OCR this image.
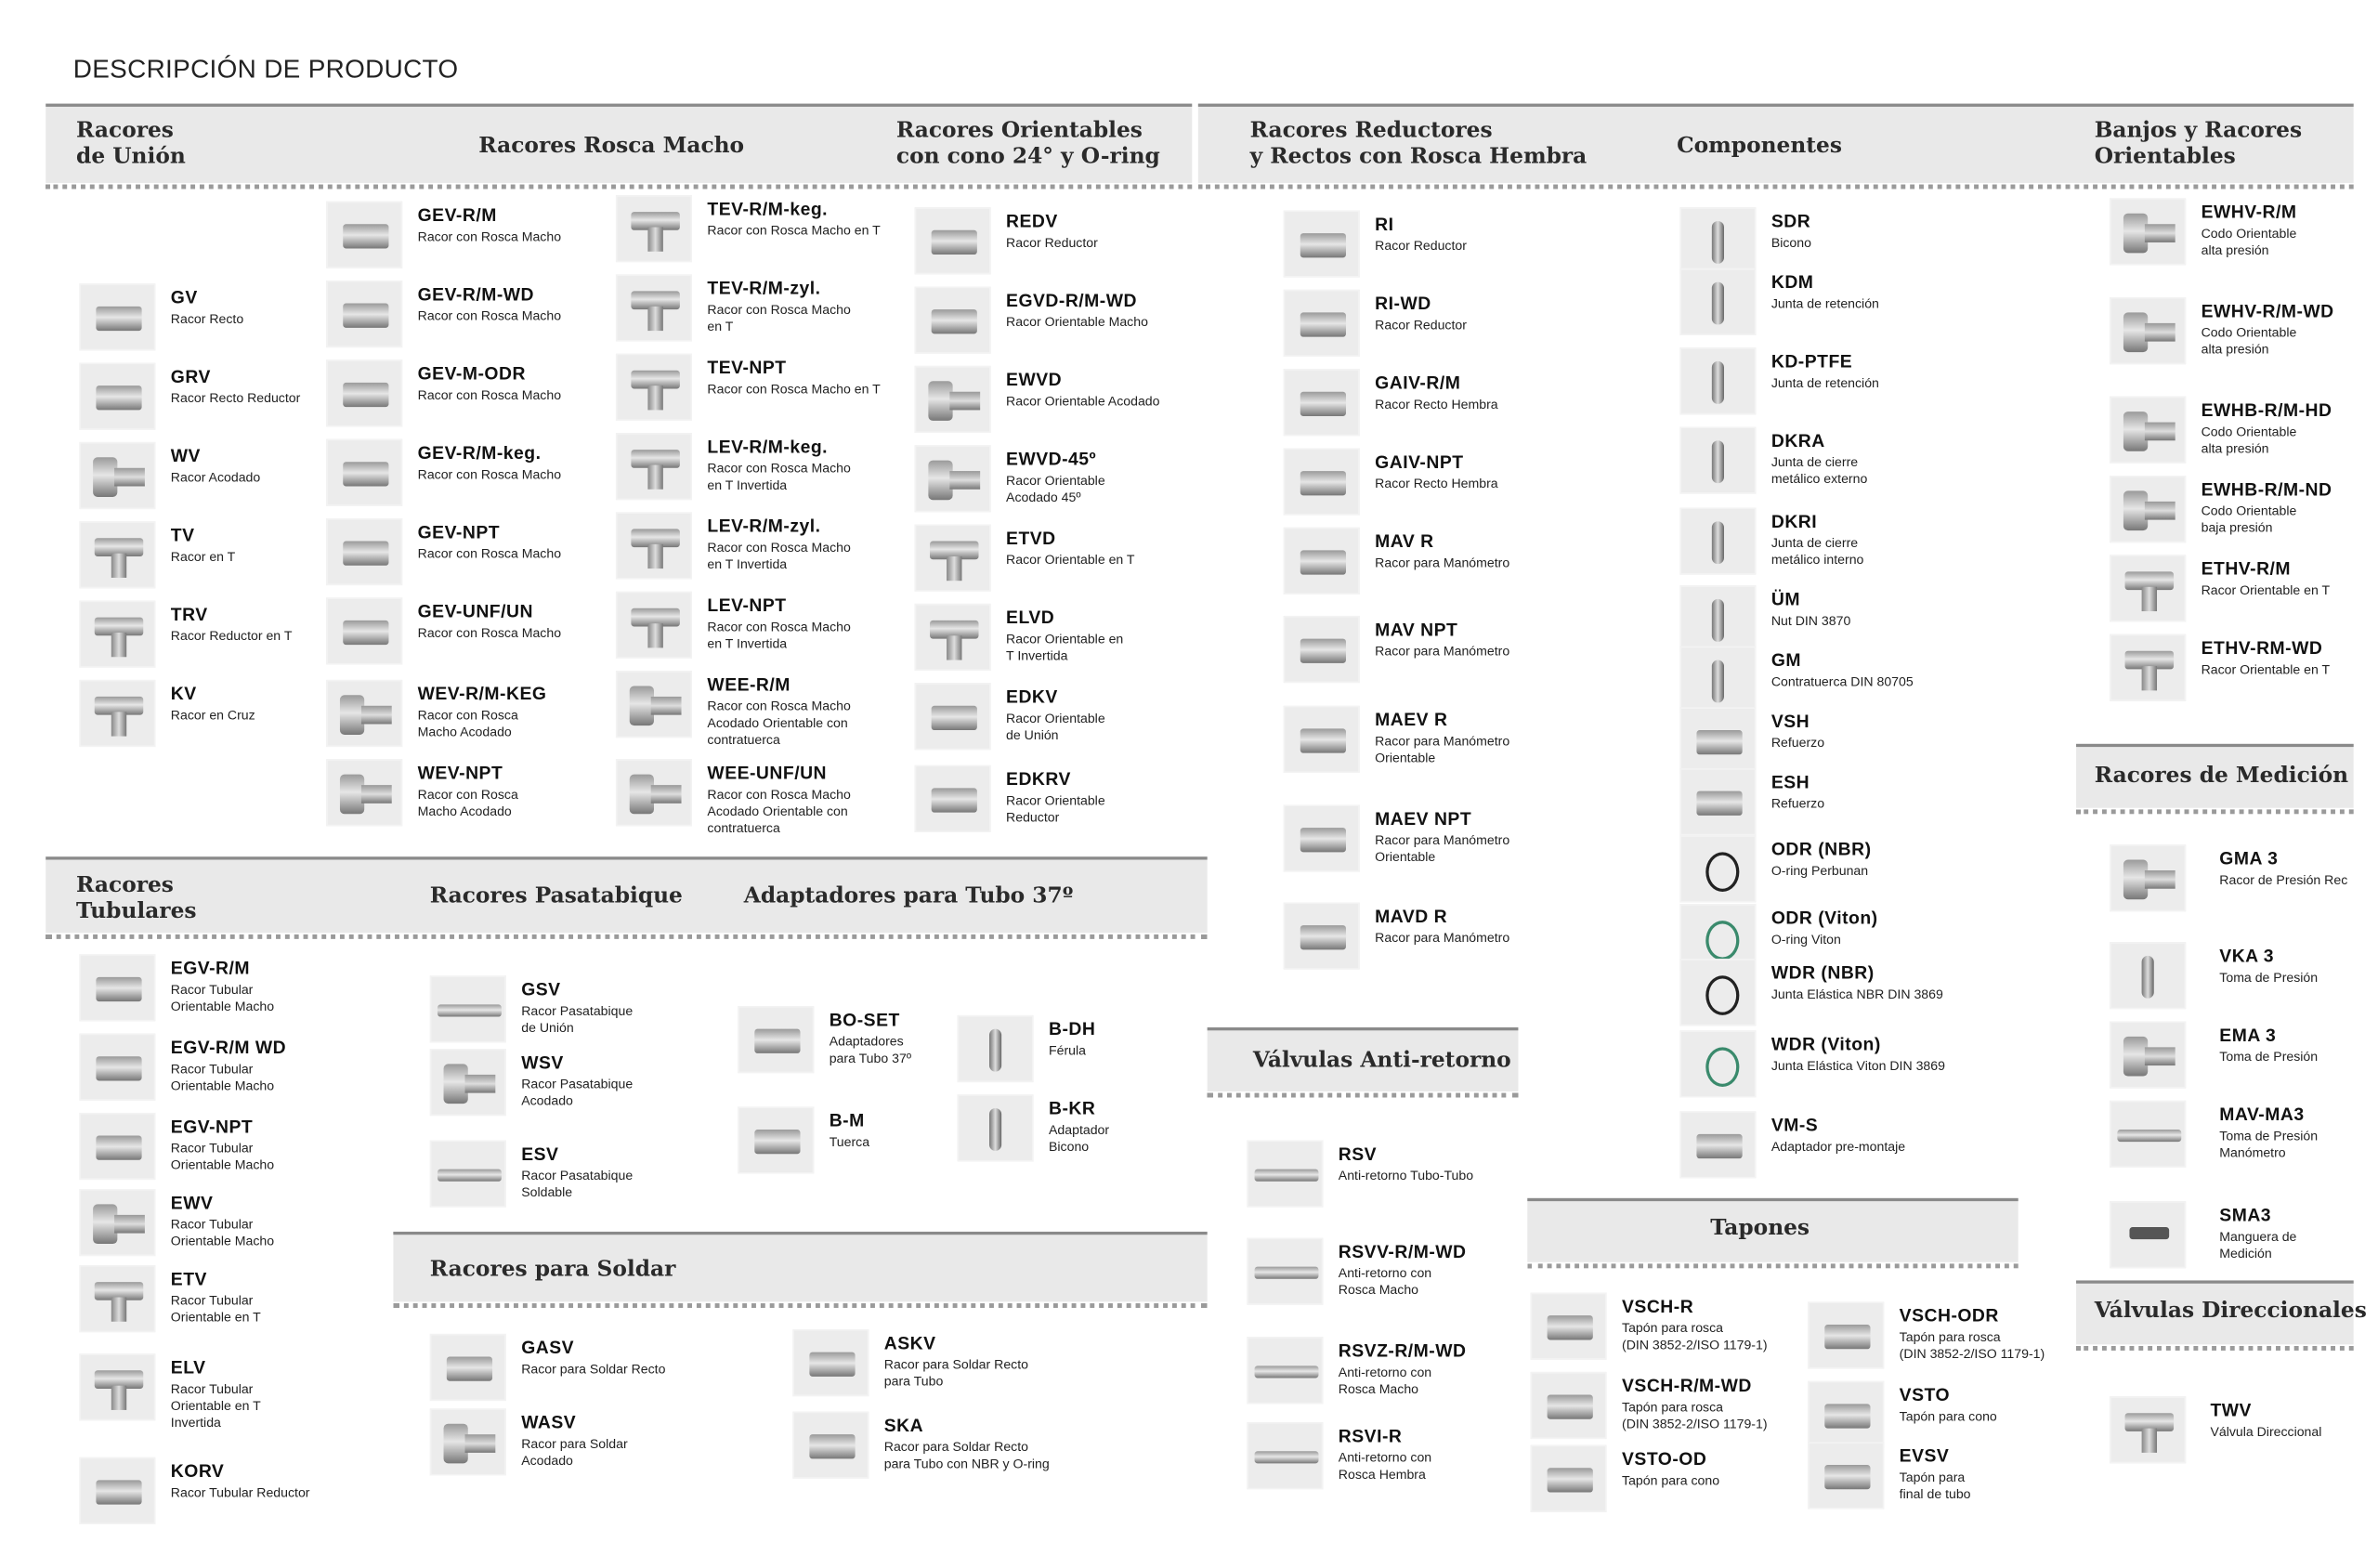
DESCRIPCIÓN DE PRODUCTO
Racores
de Unión	Racores Rosca Macho
Racores Orientables
con cono 24° y O-ring
Racores Reductores
y Rectos con Rosca Hembra	Componentes
Banjos y Racores
Orientables
Racores
Tubulares
Racores Pasatabique	Adaptadores para Tubo 37º
Racores para Soldar
Válvulas Anti-retorno
Tapones
Racores de Medición
Válvulas Direccionales
GV
Racor Recto
GRV
Racor Recto Reductor
WV
Racor Acodado
TV
Racor en T
TRV
Racor Reductor en T
KV
Racor en Cruz
GEV-R/M
Racor con Rosca Macho
GEV-R/M-WD
Racor con Rosca Macho
GEV-M-ODR
Racor con Rosca Macho
GEV-R/M-keg.
Racor con Rosca Macho
GEV-NPT
Racor con Rosca Macho
GEV-UNF/UN
Racor con Rosca Macho
WEV-R/M-KEG
Racor con Rosca
Macho Acodado
WEV-NPT
Racor con Rosca
Macho Acodado
TEV-R/M-keg.
Racor con Rosca Macho en T
TEV-R/M-zyl.
Racor con Rosca Macho
en T
TEV-NPT
Racor con Rosca Macho en T
LEV-R/M-keg.
Racor con Rosca Macho
en T Invertida
LEV-R/M-zyl.
Racor con Rosca Macho
en T Invertida
LEV-NPT
Racor con Rosca Macho
en T Invertida
WEE-R/M
Racor con Rosca Macho
Acodado Orientable con
contratuerca
WEE-UNF/UN
Racor con Rosca Macho
Acodado Orientable con
contratuerca
REDV
Racor Reductor
EGVD-R/M-WD
Racor Orientable Macho
EWVD
Racor Orientable Acodado
EWVD-45º
Racor Orientable
Acodado 45º
ETVD
Racor Orientable en T
ELVD
Racor Orientable en
T Invertida
EDKV
Racor Orientable
de Unión
EDKRV
Racor Orientable
Reductor
RI
Racor Reductor
RI-WD
Racor Reductor
GAIV-R/M
Racor Recto Hembra
GAIV-NPT
Racor Recto Hembra
MAV R
Racor para Manómetro
MAV NPT
Racor para Manómetro
MAEV R
Racor para Manómetro
Orientable
MAEV NPT
Racor para Manómetro
Orientable
MAVD R
Racor para Manómetro
SDR
Bicono
KDM
Junta de retención
KD-PTFE
Junta de retención
DKRA
Junta de cierre
metálico externo
DKRI
Junta de cierre
metálico interno
ÜM
Nut DIN 3870
GM
Contratuerca DIN 80705
VSH
Refuerzo
ESH
Refuerzo
ODR (NBR)
O-ring Perbunan
ODR (Viton)
O-ring Viton
WDR (NBR)
Junta Elástica NBR DIN 3869
WDR (Viton)
Junta Elástica Viton DIN 3869
VM-S
Adaptador pre-montaje
EWHV-R/M
Codo Orientable
alta presión
EWHV-R/M-WD
Codo Orientable
alta presión
EWHB-R/M-HD
Codo Orientable
alta presión
EWHB-R/M-ND
Codo Orientable
baja presión
ETHV-R/M
Racor Orientable en T
ETHV-RM-WD
Racor Orientable en T
EGV-R/M
Racor Tubular
Orientable Macho
EGV-R/M WD
Racor Tubular
Orientable Macho
EGV-NPT
Racor Tubular
Orientable Macho
EWV
Racor Tubular
Orientable Macho
ETV
Racor Tubular
Orientable en T
ELV
Racor Tubular
Orientable en T
Invertida
KORV
Racor Tubular Reductor
GSV
Racor Pasatabique
de Unión
WSV
Racor Pasatabique
Acodado
ESV
Racor Pasatabique
Soldable
BO-SET
Adaptadores
para Tubo 37º
B-DH
Férula
B-M
Tuerca
B-KR
Adaptador
Bicono
GASV
Racor para Soldar Recto
WASV
Racor para Soldar
Acodado
ASKV
Racor para Soldar Recto
para Tubo
SKA
Racor para Soldar Recto
para Tubo con NBR y O-ring
RSV
Anti-retorno Tubo-Tubo
RSVV-R/M-WD
Anti-retorno con
Rosca Macho
RSVZ-R/M-WD
Anti-retorno con
Rosca Macho
RSVI-R
Anti-retorno con
Rosca Hembra
VSCH-R
Tapón para rosca
(DIN 3852-2/ISO 1179-1)
VSCH-R/M-WD
Tapón para rosca
(DIN 3852-2/ISO 1179-1)
VSTO-OD
Tapón para cono
VSCH-ODR
Tapón para rosca
(DIN 3852-2/ISO 1179-1)
VSTO
Tapón para cono
EVSV
Tapón para
final de tubo
GMA 3
Racor de Presión Rec
VKA 3
Toma de Presión
EMA 3
Toma de Presión
MAV-MA3
Toma de Presión
Manómetro
SMA3
Manguera de
Medición
TWV
Válvula Direccional
